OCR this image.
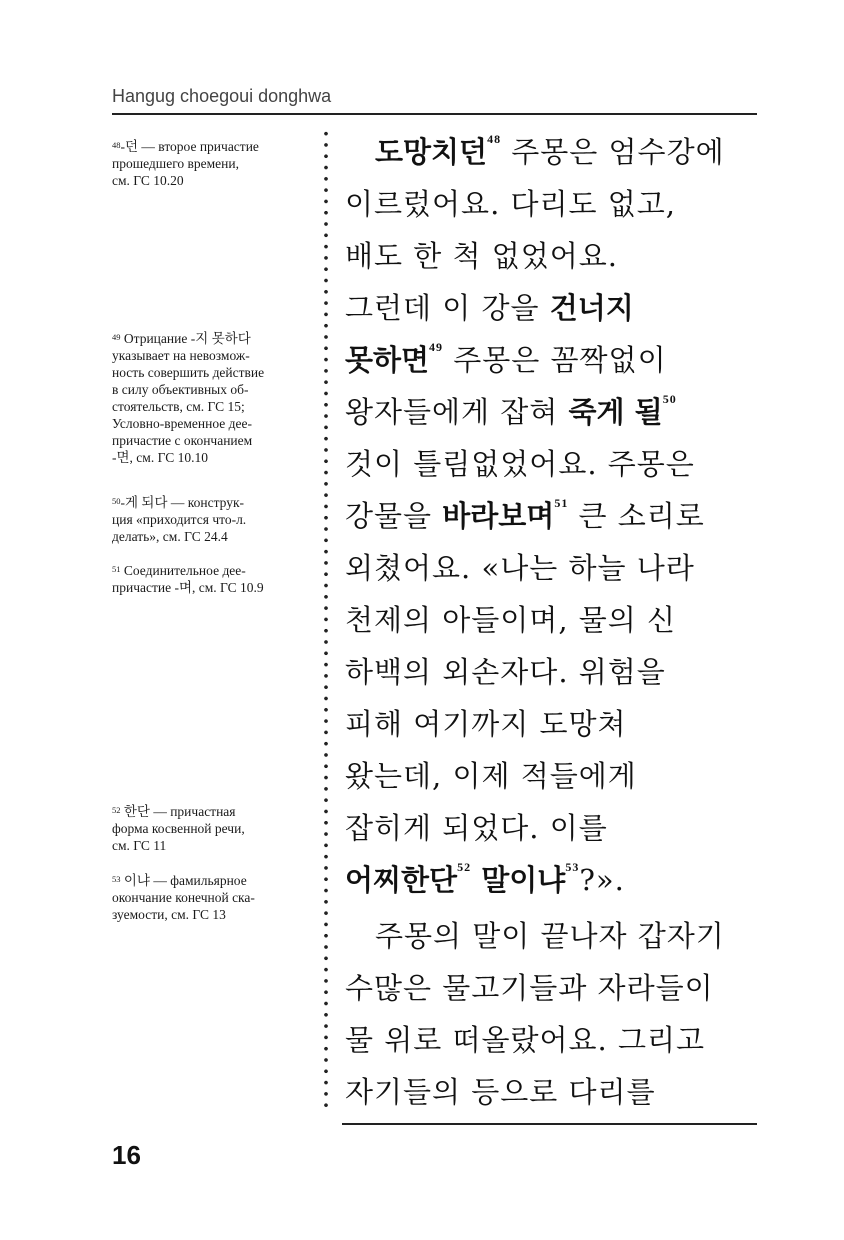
Hangug choegoui donghwa

$^{48}$-던 — второе причастие

прошедшего времени,

см. ГС 10.20

$^{49}$ Отрицание -지 못하다

указывает на невозмож-

ность совершить действие

в силу объективных об-

стоятельств, см. ГС 15;

Условно-временное дее-

причастие с окончанием

-면, см. ГС 10.10

$^{50}$-게 되다 — конструк-

ция «приходится что-л.

делать», см. ГС 24.4

$^{51}$ Соединительное дее-

причастие -며, см. ГС 10.9

$^{52}$ 한단 — причастная

форма косвенной речи,

см. ГС 11

$^{53}$ 이냐 — фамильярное

окончание конечной ска-

зуемости, см. ГС 13

도망치던$^{48}$ 주몽은 엄수강에
이르렀어요. 다리도 없고,
배도 한 척 없었어요.
그런데 이 강을 건너지
못하면$^{49}$ 주몽은 꼼짝없이
왕자들에게 잡혀 죽게 될$^{50}$
것이 틀림없었어요. 주몽은
강물을 바라보며$^{51}$ 큰 소리로
외쳤어요. «나는 하늘 나라
천제의 아들이며, 물의 신
하백의 외손자다. 위험을
피해 여기까지 도망쳐
왔는데, 이제 적들에게
잡히게 되었다. 이를
어찌한단$^{52}$ 말이냐$^{53}$?».
주몽의 말이 끝나자 갑자기
수많은 물고기들과 자라들이
물 위로 떠올랐어요. 그리고
자기들의 등으로 다리를
16
